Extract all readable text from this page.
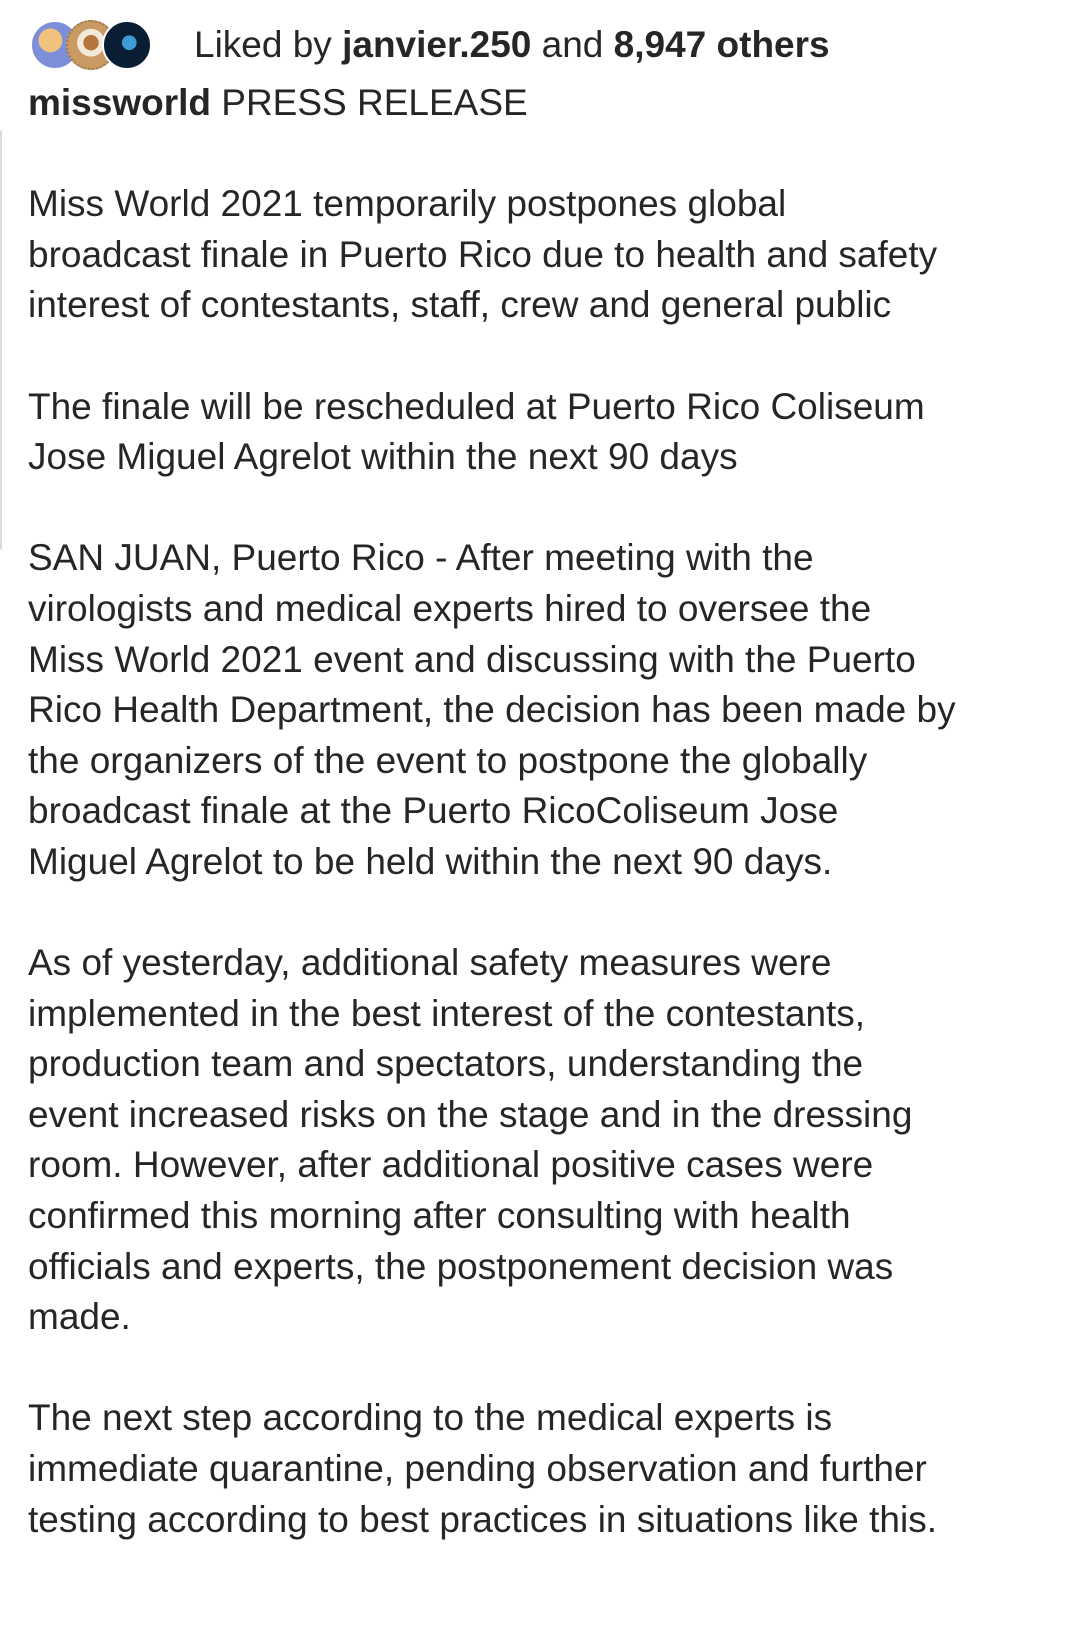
Liked by janvier.250 and 8,947 others

missworld PRESS RELEASE

Miss World 2021 temporarily postpones global
broadcast finale in Puerto Rico due to health and safety
interest of contestants, staff, crew and general public
The finale will be rescheduled at Puerto Rico Coliseum
Jose Miguel Agrelot within the next 90 days
SAN JUAN, Puerto Rico - After meeting with the
virologists and medical experts hired to oversee the
Miss World 2021 event and discussing with the Puerto
Rico Health Department, the decision has been made by
the organizers of the event to postpone the globally
broadcast finale at the Puerto RicoColiseum Jose
Miguel Agrelot to be held within the next 90 days.
As of yesterday, additional safety measures were
implemented in the best interest of the contestants,
production team and spectators, understanding the
event increased risks on the stage and in the dressing
room. However, after additional positive cases were
confirmed this morning after consulting with health
officials and experts, the postponement decision was
made.
The next step according to the medical experts is
immediate quarantine, pending observation and further
testing according to best practices in situations like this.
